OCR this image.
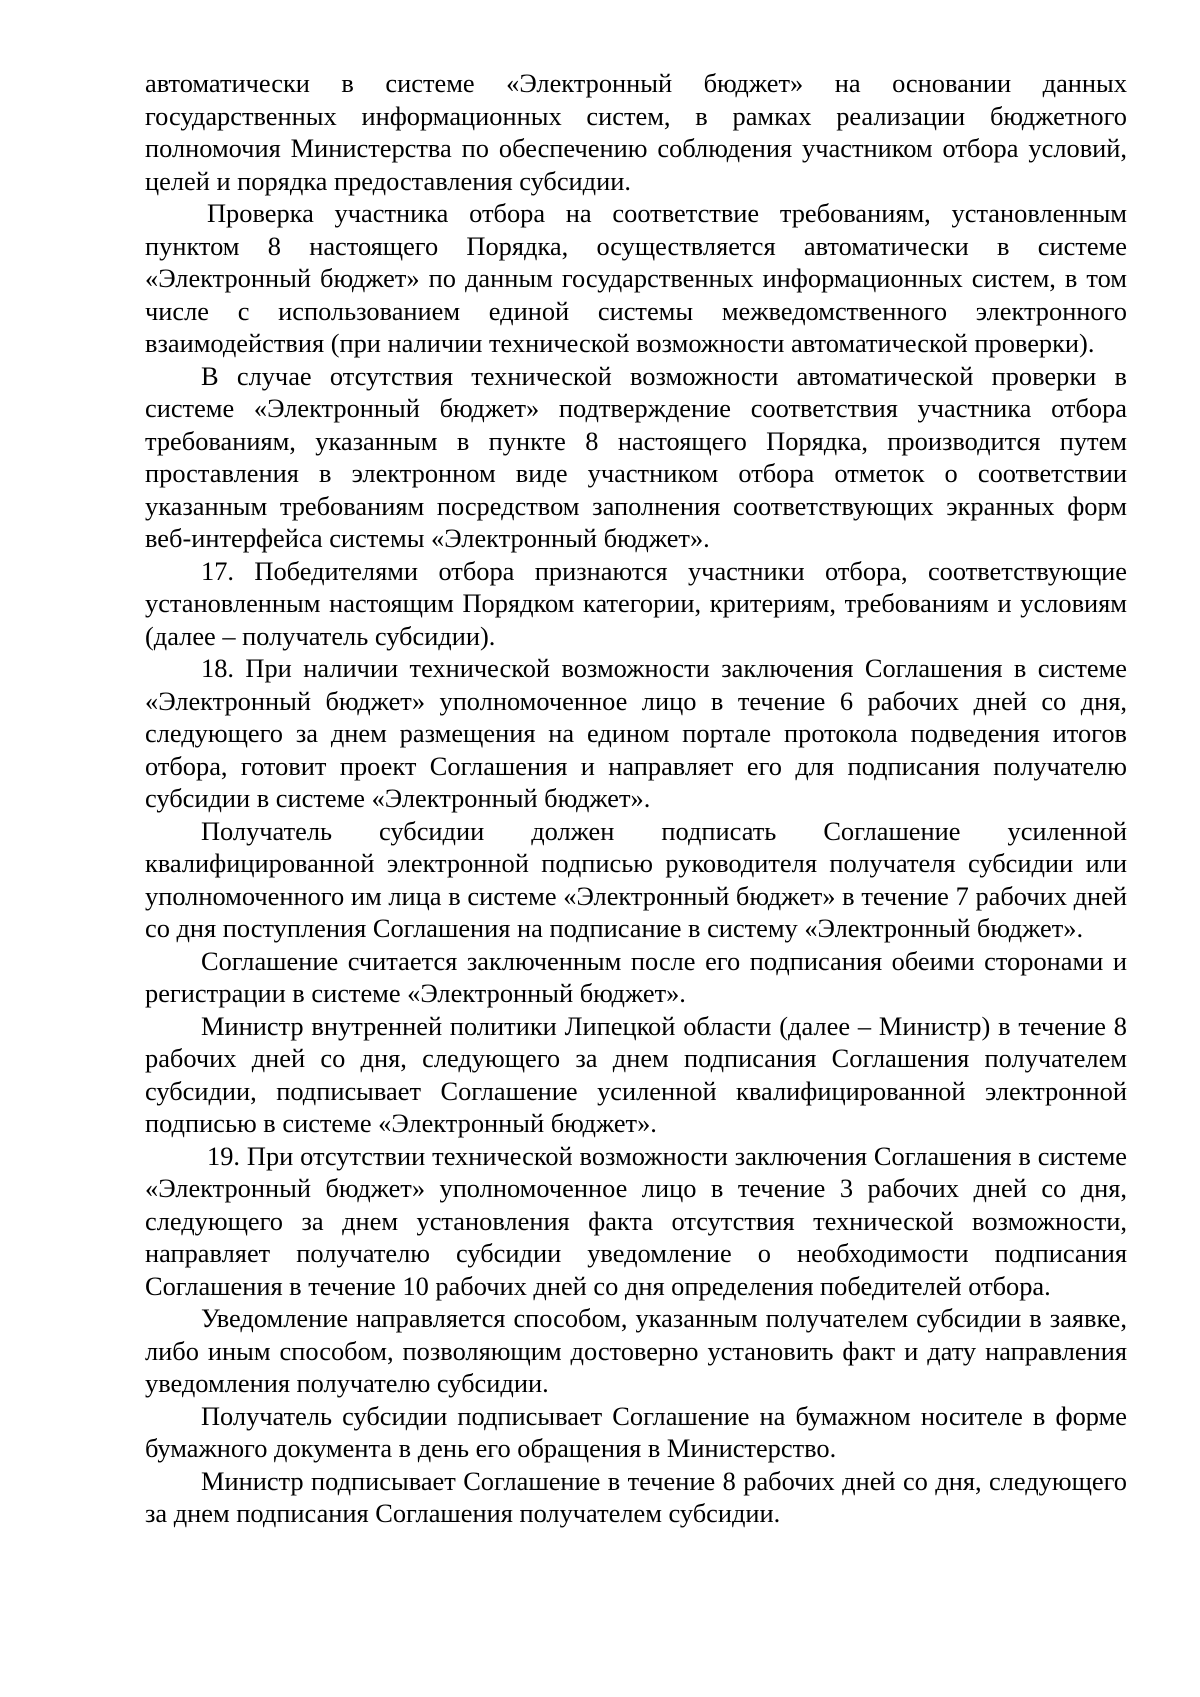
автоматически в системе «Электронный бюджет» на основании данных государственных информационных систем, в рамках реализации бюджетного полномочия Министерства по обеспечению соблюдения участником отбора условий, целей и порядка предоставления субсидии.

Проверка участника отбора на соответствие требованиям, установленным пунктом 8 настоящего Порядка, осуществляется автоматически в системе «Электронный бюджет» по данным государственных информационных систем, в том числе с использованием единой системы межведомственного электронного взаимодействия (при наличии технической возможности автоматической проверки).

В случае отсутствия технической возможности автоматической проверки в системе «Электронный бюджет» подтверждение соответствия участника отбора требованиям, указанным в пункте 8 настоящего Порядка, производится путем проставления в электронном виде участником отбора отметок о соответствии указанным требованиям посредством заполнения соответствующих экранных форм веб-интерфейса системы «Электронный бюджет».

17. Победителями отбора признаются участники отбора, соответствующие установленным настоящим Порядком категории, критериям, требованиям и условиям (далее – получатель субсидии).

18. При наличии технической возможности заключения Соглашения в системе «Электронный бюджет» уполномоченное лицо в течение 6 рабочих дней со дня, следующего за днем размещения на едином портале протокола подведения итогов отбора, готовит проект Соглашения и направляет его для подписания получателю субсидии в системе «Электронный бюджет».

Получатель субсидии должен подписать Соглашение усиленной квалифицированной электронной подписью руководителя получателя субсидии или уполномоченного им лица в системе «Электронный бюджет» в течение 7 рабочих дней со дня поступления Соглашения на подписание в систему «Электронный бюджет».

Соглашение считается заключенным после его подписания обеими сторонами и регистрации в системе «Электронный бюджет».

Министр внутренней политики Липецкой области (далее – Министр) в течение 8 рабочих дней со дня, следующего за днем подписания Соглашения получателем субсидии, подписывает Соглашение усиленной квалифицированной электронной подписью в системе «Электронный бюджет».

19. При отсутствии технической возможности заключения Соглашения в системе «Электронный бюджет» уполномоченное лицо в течение 3 рабочих дней со дня, следующего за днем установления факта отсутствия технической возможности, направляет получателю субсидии уведомление о необходимости подписания Соглашения в течение 10 рабочих дней со дня определения победителей отбора.

Уведомление направляется способом, указанным получателем субсидии в заявке, либо иным способом, позволяющим достоверно установить факт и дату направления уведомления получателю субсидии.

Получатель субсидии подписывает Соглашение на бумажном носителе в форме бумажного документа в день его обращения в Министерство.

Министр подписывает Соглашение в течение 8 рабочих дней со дня, следующего за днем подписания Соглашения получателем субсидии.
